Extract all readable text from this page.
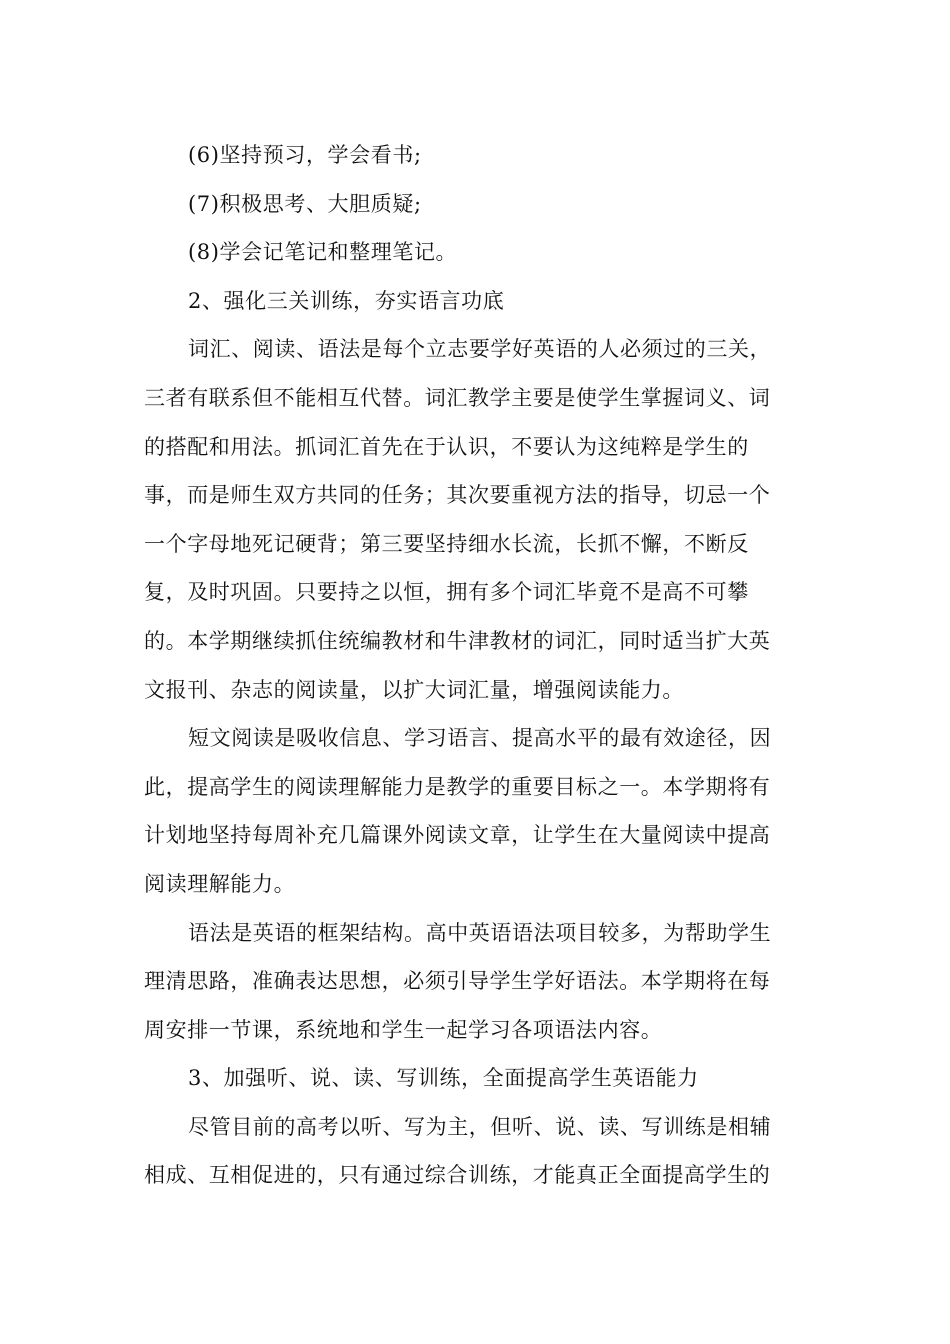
(6)坚持预习，学会看书;
(7)积极思考、大胆质疑;
(8)学会记笔记和整理笔记。
2、强化三关训练，夯实语言功底
词汇、阅读、语法是每个立志要学好英语的人必须过的三关，
三者有联系但不能相互代替。词汇教学主要是使学生掌握词义、词
的搭配和用法。抓词汇首先在于认识，不要认为这纯粹是学生的
事，而是师生双方共同的任务；其次要重视方法的指导，切忌一个
一个字母地死记硬背；第三要坚持细水长流，长抓不懈，不断反
复，及时巩固。只要持之以恒，拥有多个词汇毕竟不是高不可攀
的。本学期继续抓住统编教材和牛津教材的词汇，同时适当扩大英
文报刊、杂志的阅读量，以扩大词汇量，增强阅读能力。
短文阅读是吸收信息、学习语言、提高水平的最有效途径，因
此，提高学生的阅读理解能力是教学的重要目标之一。本学期将有
计划地坚持每周补充几篇课外阅读文章，让学生在大量阅读中提高
阅读理解能力。
语法是英语的框架结构。高中英语语法项目较多，为帮助学生
理清思路，准确表达思想，必须引导学生学好语法。本学期将在每
周安排一节课，系统地和学生一起学习各项语法内容。
3、加强听、说、读、写训练，全面提高学生英语能力
尽管目前的高考以听、写为主，但听、说、读、写训练是相辅
相成、互相促进的，只有通过综合训练，才能真正全面提高学生的
